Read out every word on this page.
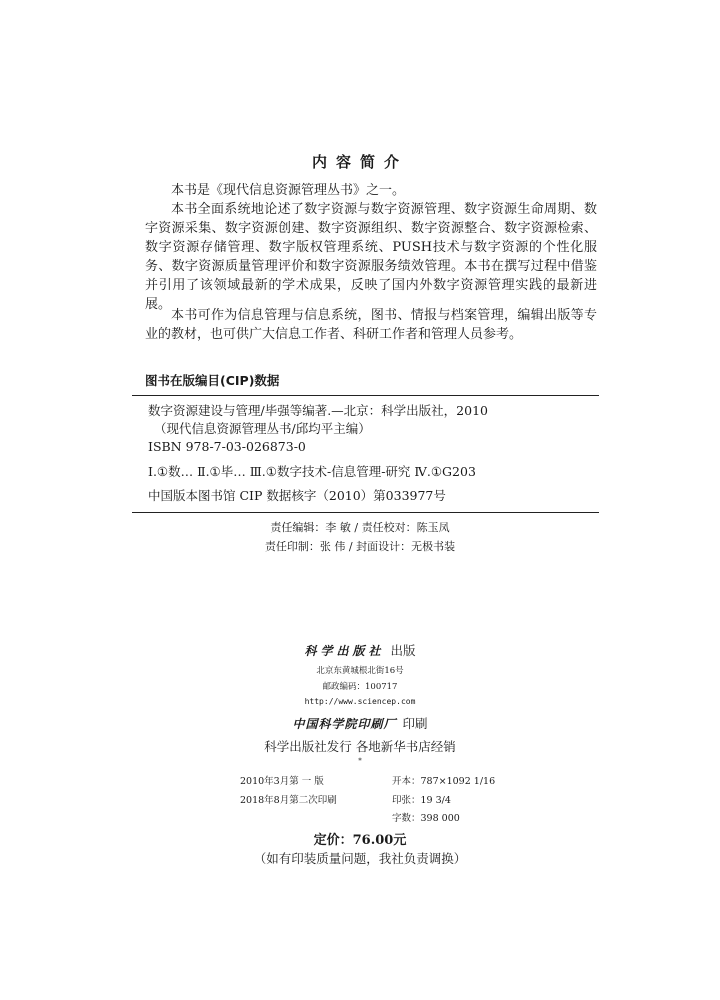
内容简介

本书是《现代信息资源管理丛书》之一。

本书全面系统地论述了数字资源与数字资源管理、数字资源生命周期、数字资源采集、数字资源创建、数字资源组织、数字资源整合、数字资源检索、数字资源存储管理、数字版权管理系统、PUSH技术与数字资源的个性化服务、数字资源质量管理评价和数字资源服务绩效管理。本书在撰写过程中借鉴并引用了该领域最新的学术成果，反映了国内外数字资源管理实践的最新进展。

本书可作为信息管理与信息系统，图书、情报与档案管理，编辑出版等专业的教材，也可供广大信息工作者、科研工作者和管理人员参考。

图书在版编目(CIP)数据
数字资源建设与管理/毕强等编著.—北京：科学出版社，2010
（现代信息资源管理丛书/邱均平主编）
ISBN 978-7-03-026873-0
Ⅰ.①数… Ⅱ.①毕… Ⅲ.①数字技术-信息管理-研究 Ⅳ.①G203
中国版本图书馆 CIP 数据核字（2010）第033977号
责任编辑：李 敏 / 责任校对：陈玉凤
责任印制：张 伟 / 封面设计：无极书装
科学出版社 出版
北京东黄城根北街16号
邮政编码：100717
http://www.sciencep.com
中国科学院印刷厂 印刷
科学出版社发行 各地新华书店经销
*
2010年3月第 一 版	开本：787×1092 1/16
2018年8月第二次印刷	印张：19 3/4
字数：398 000
定价：76.00元
（如有印装质量问题，我社负责调换）
